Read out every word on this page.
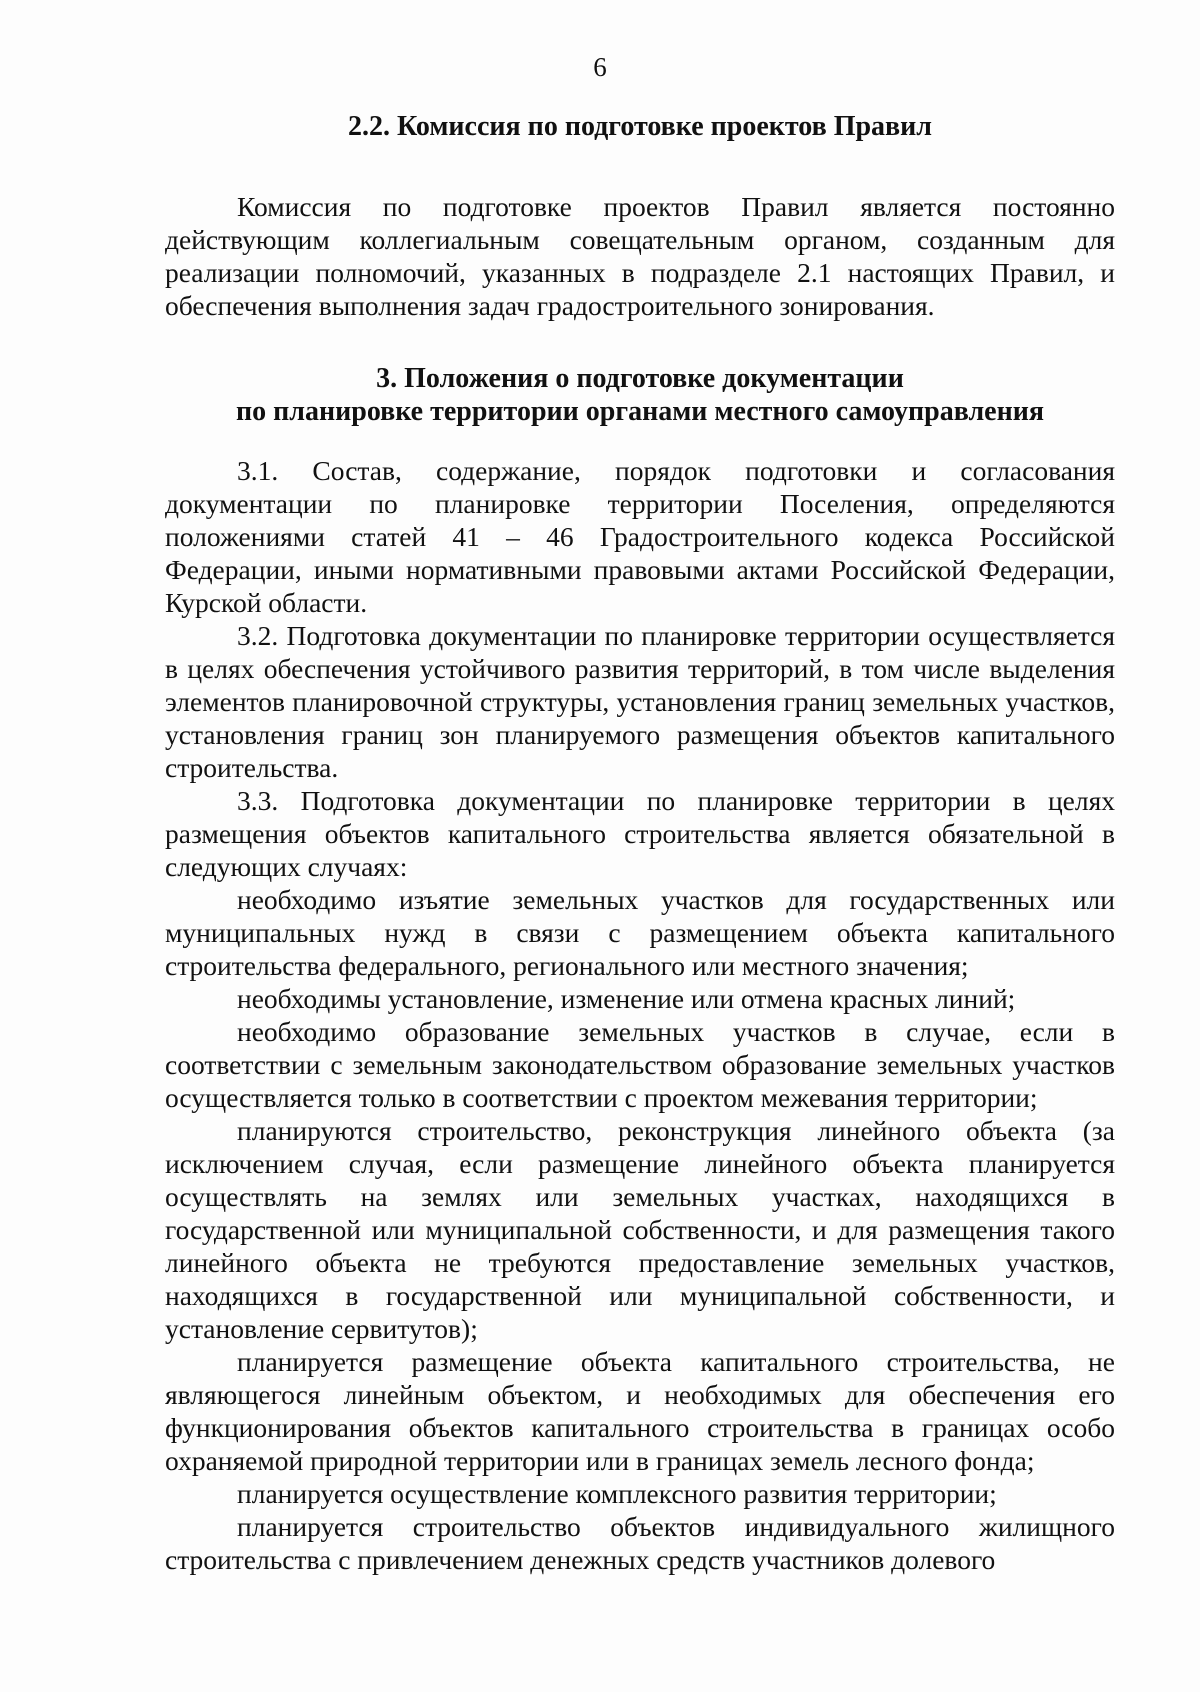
6
2.2. Комиссия по подготовке проектов Правил

Комиссия по подготовке проектов Правил является постоянно действующим коллегиальным совещательным органом, созданным для реализации полномочий, указанных в подразделе 2.1 настоящих Правил, и обеспечения выполнения задач градостроительного зонирования.

3. Положения о подготовке документации
по планировке территории органами местного самоуправления

3.1. Состав, содержание, порядок подготовки и согласования документации по планировке территории Поселения, определяются положениями статей 41 – 46 Градостроительного кодекса Российской Федерации, иными нормативными правовыми актами Российской Федерации, Курской области.

3.2. Подготовка документации по планировке территории осуществляется в целях обеспечения устойчивого развития территорий, в том числе выделения элементов планировочной структуры, установления границ земельных участков, установления границ зон планируемого размещения объектов капитального строительства.

3.3. Подготовка документации по планировке территории в целях размещения объектов капитального строительства является обязательной в следующих случаях:

необходимо изъятие земельных участков для государственных или муниципальных нужд в связи с размещением объекта капитального строительства федерального, регионального или местного значения;

необходимы установление, изменение или отмена красных линий;

необходимо образование земельных участков в случае, если в соответствии с земельным законодательством образование земельных участков осуществляется только в соответствии с проектом межевания территории;

планируются строительство, реконструкция линейного объекта (за исключением случая, если размещение линейного объекта планируется осуществлять на землях или земельных участках, находящихся в государственной или муниципальной собственности, и для размещения такого линейного объекта не требуются предоставление земельных участков, находящихся в государственной или муниципальной собственности, и установление сервитутов);

планируется размещение объекта капитального строительства, не являющегося линейным объектом, и необходимых для обеспечения его функционирования объектов капитального строительства в границах особо охраняемой природной территории или в границах земель лесного фонда;

планируется осуществление комплексного развития территории;

планируется строительство объектов индивидуального жилищного строительства с привлечением денежных средств участников долевого
